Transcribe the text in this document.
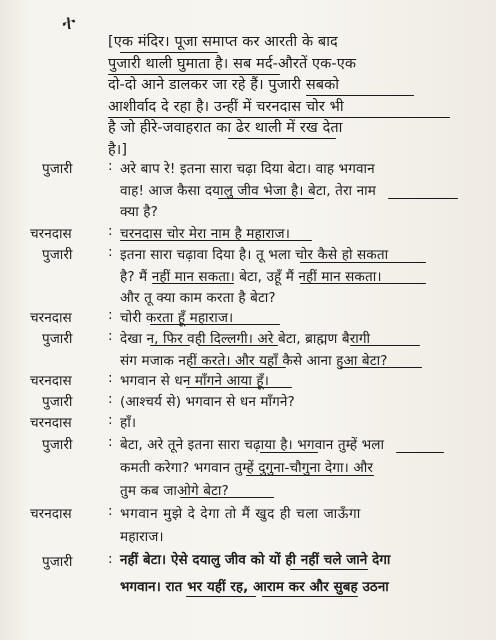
ተ

[एक मंदिर। पूजा समाप्त कर आरती के बाद

पुजारी थाली घुमाता है। सब मर्द-औरतें एक-एक

दो-दो आने डालकर जा रहे हैं। पुजारी सबको

आशीर्वाद दे रहा है। उन्हीं में चरनदास चोर भी

है जो हीरे-जवाहरात का ढेर थाली में रख देता

है।]

पुजारी	: अरे बाप रे! इतना सारा चढ़ा दिया बेटा। वाह भगवान
वाह! आज कैसा दयालु जीव भेजा है। बेटा, तेरा नाम
क्या है?
चरनदास	: चरनदास चोर मेरा नाम है महाराज।
पुजारी	: इतना सारा चढ़ावा दिया है। तू भला चोर कैसे हो सकता
है? मैं नहीं मान सकता। बेटा, उहूँ मैं नहीं मान सकता।
और तू क्या काम करता है बेटा?
चरनदास	: चोरी करता हूँ महाराज।
पुजारी	: देखा न, फिर वही दिल्लगी। अरे बेटा, ब्राह्मण बैरागी
संग मजाक नहीं करते। और यहाँ कैसे आना हुआ बेटा?
चरनदास	: भगवान से धन माँगने आया हूँ।
पुजारी	: (आश्चर्य से) भगवान से धन माँगने?
चरनदास	: हाँ।
पुजारी	: बेटा, अरे तूने इतना सारा चढ़ाया है। भगवान तुम्हें भला
कमती करेगा? भगवान तुम्हें दुगुना-चौगुना देगा। और
तुम कब जाओगे बेटा?
चरनदास	: भगवान मुझे दे देगा तो मैं खुद ही चला जाऊँगा
महाराज।
पुजारी	: नहीं बेटा। ऐसे दयालु जीव को यों ही नहीं चले जाने देगा
भगवान। रात भर यहीं रह, आराम कर और सुबह उठना
